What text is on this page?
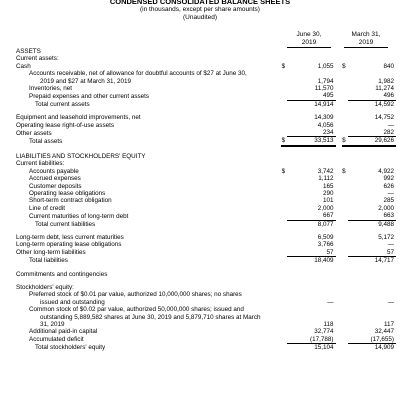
CONDENSED CONSOLIDATED BALANCE SHEETS
(in thousands, except per share amounts)
(Unaudited)
June 30,
2019
March 31,
2019
ASSETS					
Current assets:					
Cash	$	1,055		$	840
Accounts receivable, net of allowance for doubtful accounts of $27 at June 30,					
2019 and $27 at March 31, 2019		1,794			1,982
Inventories, net		11,570			11,274
Prepaid expenses and other current assets		495			496
Total current assets		14,914			14,592

Equipment and leasehold improvements, net		14,309			14,752
Operating lease right-of-use assets		4,056			—
Other assets		234			282
Total assets	$	33,513		$	29,626

LIABILITIES AND STOCKHOLDERS' EQUITY					
Current liabilities:					
Accounts payable	$	3,742		$	4,922
Accrued expenses		1,112			992
Customer deposits		165			626
Operating lease obligations		290			—
Short-term contract obligation		101			285
Line of credit		2,000			2,000
Current maturities of long-term debt		667			663
Total current liabilities		8,077			9,488

Long-term debt, less current maturities		6,509			5,172
Long-term operating lease obligations		3,766			—
Other long-term liabilities		57			57
Total liabilities		18,409			14,717

Commitments and contingencies					

Stockholders' equity:					
Preferred stock of $0.01 par value, authorized 10,000,000 shares; no shares					
issued and outstanding		—			—
Common stock of $0.02 par value, authorized 50,000,000 shares; issued and					
outstanding 5,889,582 shares at June 30, 2019 and 5,879,710 shares at March					
31, 2019		118			117
Additional paid-in capital		32,774			32,447
Accumulated deficit		(17,788)			(17,655)
Total stockholders' equity		15,104			14,909
